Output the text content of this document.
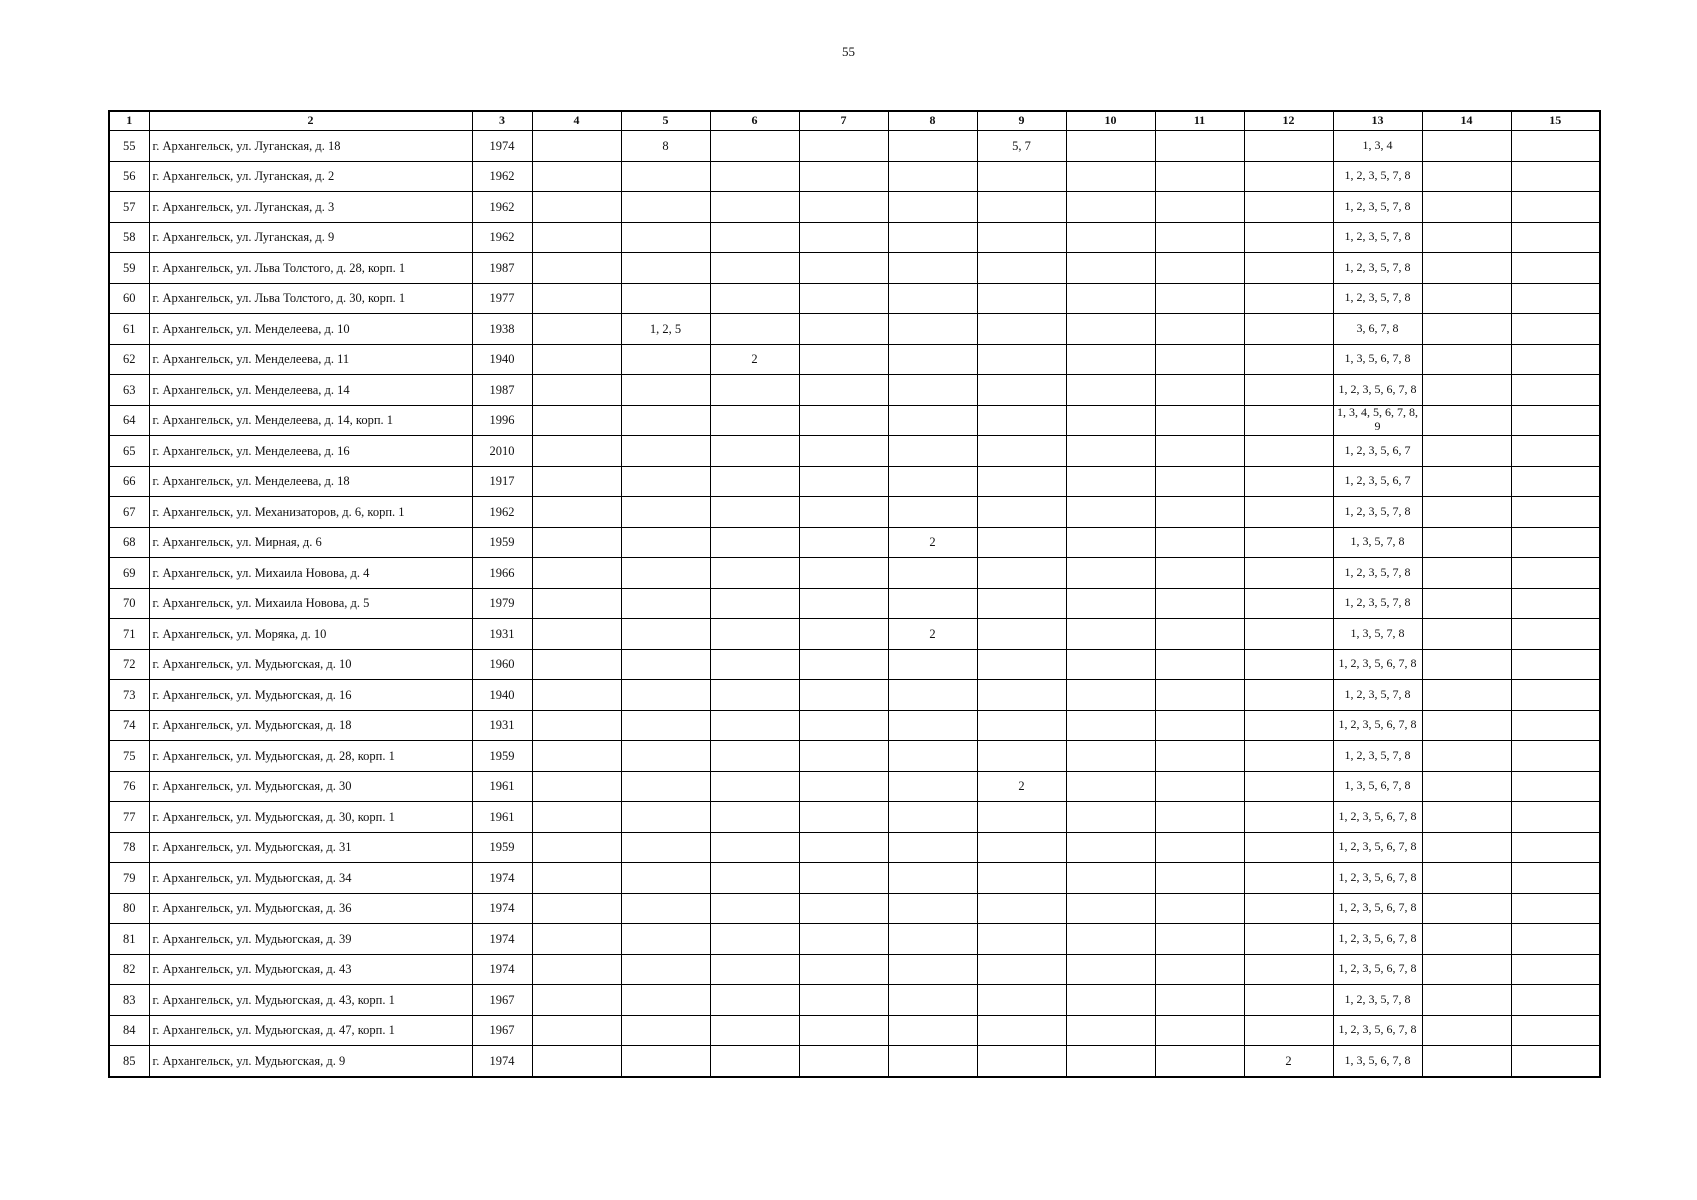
55
1	2	3	4	5	6	7	8	9	10	11	12	13	14	15
55	г. Архангельск, ул. Луганская, д. 18	1974		8				5, 7				1, 3, 4		
56	г. Архангельск, ул. Луганская, д. 2	1962										1, 2, 3, 5, 7, 8		
57	г. Архангельск, ул. Луганская, д. 3	1962										1, 2, 3, 5, 7, 8		
58	г. Архангельск, ул. Луганская, д. 9	1962										1, 2, 3, 5, 7, 8		
59	г. Архангельск, ул. Льва Толстого, д. 28, корп. 1	1987										1, 2, 3, 5, 7, 8		
60	г. Архангельск, ул. Льва Толстого, д. 30, корп. 1	1977										1, 2, 3, 5, 7, 8		
61	г. Архангельск, ул. Менделеева, д. 10	1938		1, 2, 5								3, 6, 7, 8		
62	г. Архангельск, ул. Менделеева, д. 11	1940			2							1, 3, 5, 6, 7, 8		
63	г. Архангельск, ул. Менделеева, д. 14	1987										1, 2, 3, 5, 6, 7, 8		
64	г. Архангельск, ул. Менделеева, д. 14, корп. 1	1996										1, 3, 4, 5, 6, 7, 8, 9		
65	г. Архангельск, ул. Менделеева, д. 16	2010										1, 2, 3, 5, 6, 7		
66	г. Архангельск, ул. Менделеева, д. 18	1917										1, 2, 3, 5, 6, 7		
67	г. Архангельск, ул. Механизаторов, д. 6, корп. 1	1962										1, 2, 3, 5, 7, 8		
68	г. Архангельск, ул. Мирная, д. 6	1959					2					1, 3, 5, 7, 8		
69	г. Архангельск, ул. Михаила Новова, д. 4	1966										1, 2, 3, 5, 7, 8		
70	г. Архангельск, ул. Михаила Новова, д. 5	1979										1, 2, 3, 5, 7, 8		
71	г. Архангельск, ул. Моряка, д. 10	1931					2					1, 3, 5, 7, 8		
72	г. Архангельск, ул. Мудьюгская, д. 10	1960										1, 2, 3, 5, 6, 7, 8		
73	г. Архангельск, ул. Мудьюгская, д. 16	1940										1, 2, 3, 5, 7, 8		
74	г. Архангельск, ул. Мудьюгская, д. 18	1931										1, 2, 3, 5, 6, 7, 8		
75	г. Архангельск, ул. Мудьюгская, д. 28, корп. 1	1959										1, 2, 3, 5, 7, 8		
76	г. Архангельск, ул. Мудьюгская, д. 30	1961						2				1, 3, 5, 6, 7, 8		
77	г. Архангельск, ул. Мудьюгская, д. 30, корп. 1	1961										1, 2, 3, 5, 6, 7, 8		
78	г. Архангельск, ул. Мудьюгская, д. 31	1959										1, 2, 3, 5, 6, 7, 8		
79	г. Архангельск, ул. Мудьюгская, д. 34	1974										1, 2, 3, 5, 6, 7, 8		
80	г. Архангельск, ул. Мудьюгская, д. 36	1974										1, 2, 3, 5, 6, 7, 8		
81	г. Архангельск, ул. Мудьюгская, д. 39	1974										1, 2, 3, 5, 6, 7, 8		
82	г. Архангельск, ул. Мудьюгская, д. 43	1974										1, 2, 3, 5, 6, 7, 8		
83	г. Архангельск, ул. Мудьюгская, д. 43, корп. 1	1967										1, 2, 3, 5, 7, 8		
84	г. Архангельск, ул. Мудьюгская, д. 47, корп. 1	1967										1, 2, 3, 5, 6, 7, 8		
85	г. Архангельск, ул. Мудьюгская, д. 9	1974									2	1, 3, 5, 6, 7, 8		
